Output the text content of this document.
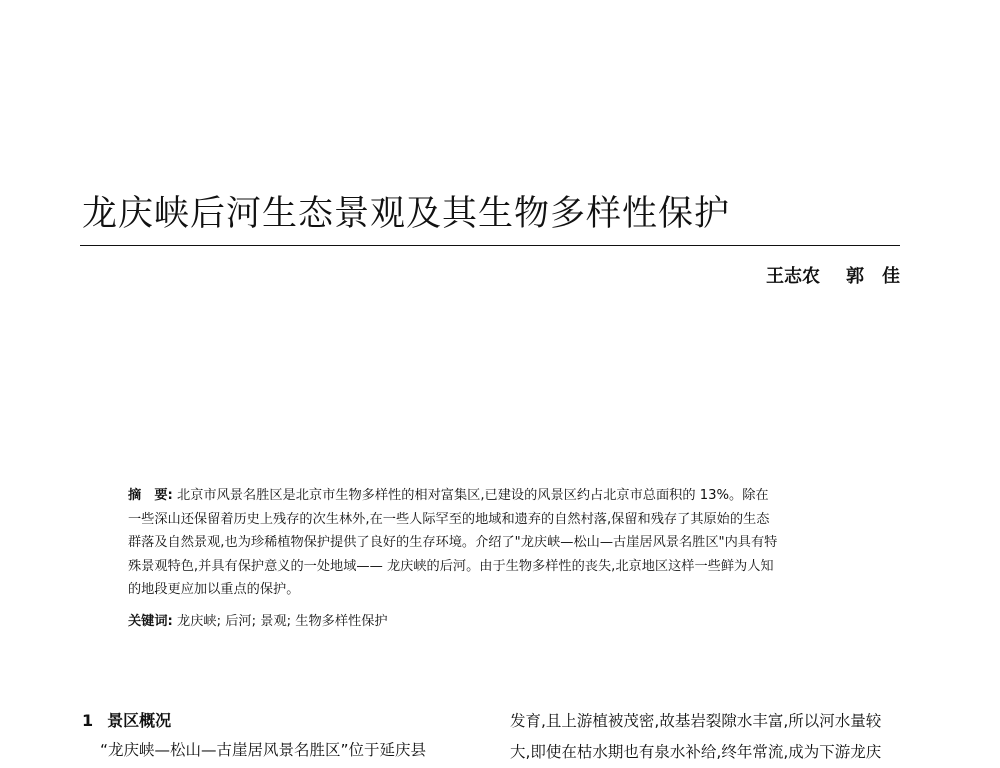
龙庆峡后河生态景观及其生物多样性保护
王志农 郭　佳
摘　要: 北京市风景名胜区是北京市生物多样性的相对富集区,已建设的风景区约占北京市总面积的 13%。除在
一些深山还保留着历史上残存的次生林外,在一些人际罕至的地域和遗弃的自然村落,保留和残存了其原始的生态
群落及自然景观,也为珍稀植物保护提供了良好的生存环境。介绍了"龙庆峡—松山—古崖居风景名胜区"内具有特
殊景观特色,并具有保护意义的一处地域—— 龙庆峡的后河。由于生物多样性的丧失,北京地区这样一些鲜为人知
的地段更应加以重点的保护。
关键词: 龙庆峡; 后河; 景观; 生物多样性保护
1 景区概况
“龙庆峡—松山—古崖居风景名胜区”位于延庆县
发育,且上游植被茂密,故基岩裂隙水丰富,所以河水量较
大,即使在枯水期也有泉水补给,终年常流,成为下游龙庆
